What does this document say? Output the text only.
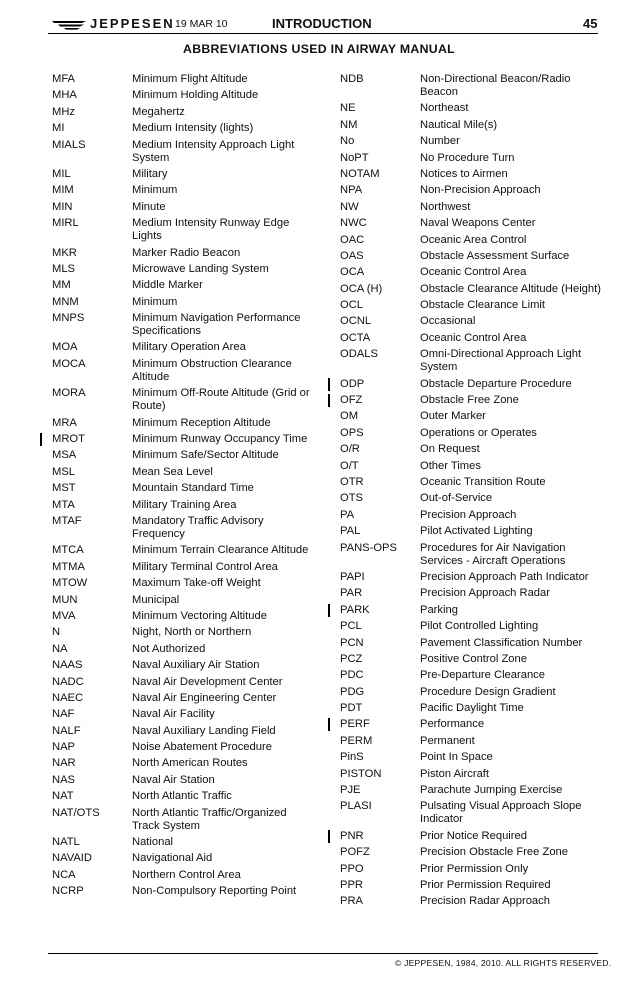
JEPPESEN 19 MAR 10	INTRODUCTION	45
ABBREVIATIONS USED IN AIRWAY MANUAL
MFA	Minimum Flight Altitude
MHA	Minimum Holding Altitude
MHz	Megahertz
MI	Medium Intensity (lights)
MIALS	Medium Intensity Approach Light System
MIL	Military
MIM	Minimum
MIN	Minute
MIRL	Medium Intensity Runway Edge Lights
MKR	Marker Radio Beacon
MLS	Microwave Landing System
MM	Middle Marker
MNM	Minimum
MNPS	Minimum Navigation Performance Specifications
MOA	Military Operation Area
MOCA	Minimum Obstruction Clearance Altitude
MORA	Minimum Off-Route Altitude (Grid or Route)
MRA	Minimum Reception Altitude
MROT	Minimum Runway Occupancy Time
MSA	Minimum Safe/Sector Altitude
MSL	Mean Sea Level
MST	Mountain Standard Time
MTA	Military Training Area
MTAF	Mandatory Traffic Advisory Frequency
MTCA	Minimum Terrain Clearance Altitude
MTMA	Military Terminal Control Area
MTOW	Maximum Take-off Weight
MUN	Municipal
MVA	Minimum Vectoring Altitude
N	Night, North or Northern
NA	Not Authorized
NAAS	Naval Auxiliary Air Station
NADC	Naval Air Development Center
NAEC	Naval Air Engineering Center
NAF	Naval Air Facility
NALF	Naval Auxiliary Landing Field
NAP	Noise Abatement Procedure
NAR	North American Routes
NAS	Naval Air Station
NAT	North Atlantic Traffic
NAT/OTS	North Atlantic Traffic/Organized Track System
NATL	National
NAVAID	Navigational Aid
NCA	Northern Control Area
NCRP	Non-Compulsory Reporting Point
NDB	Non-Directional Beacon/Radio Beacon
NE	Northeast
NM	Nautical Mile(s)
No	Number
NoPT	No Procedure Turn
NOTAM	Notices to Airmen
NPA	Non-Precision Approach
NW	Northwest
NWC	Naval Weapons Center
OAC	Oceanic Area Control
OAS	Obstacle Assessment Surface
OCA	Oceanic Control Area
OCA (H)	Obstacle Clearance Altitude (Height)
OCL	Obstacle Clearance Limit
OCNL	Occasional
OCTA	Oceanic Control Area
ODALS	Omni-Directional Approach Light System
ODP	Obstacle Departure Procedure
OFZ	Obstacle Free Zone
OM	Outer Marker
OPS	Operations or Operates
O/R	On Request
O/T	Other Times
OTR	Oceanic Transition Route
OTS	Out-of-Service
PA	Precision Approach
PAL	Pilot Activated Lighting
PANS-OPS	Procedures for Air Navigation Services - Aircraft Operations
PAPI	Precision Approach Path Indicator
PAR	Precision Approach Radar
PARK	Parking
PCL	Pilot Controlled Lighting
PCN	Pavement Classification Number
PCZ	Positive Control Zone
PDC	Pre-Departure Clearance
PDG	Procedure Design Gradient
PDT	Pacific Daylight Time
PERF	Performance
PERM	Permanent
PinS	Point In Space
PISTON	Piston Aircraft
PJE	Parachute Jumping Exercise
PLASI	Pulsating Visual Approach Slope Indicator
PNR	Prior Notice Required
POFZ	Precision Obstacle Free Zone
PPO	Prior Permission Only
PPR	Prior Permission Required
PRA	Precision Radar Approach
© JEPPESEN, 1984, 2010. ALL RIGHTS RESERVED.
